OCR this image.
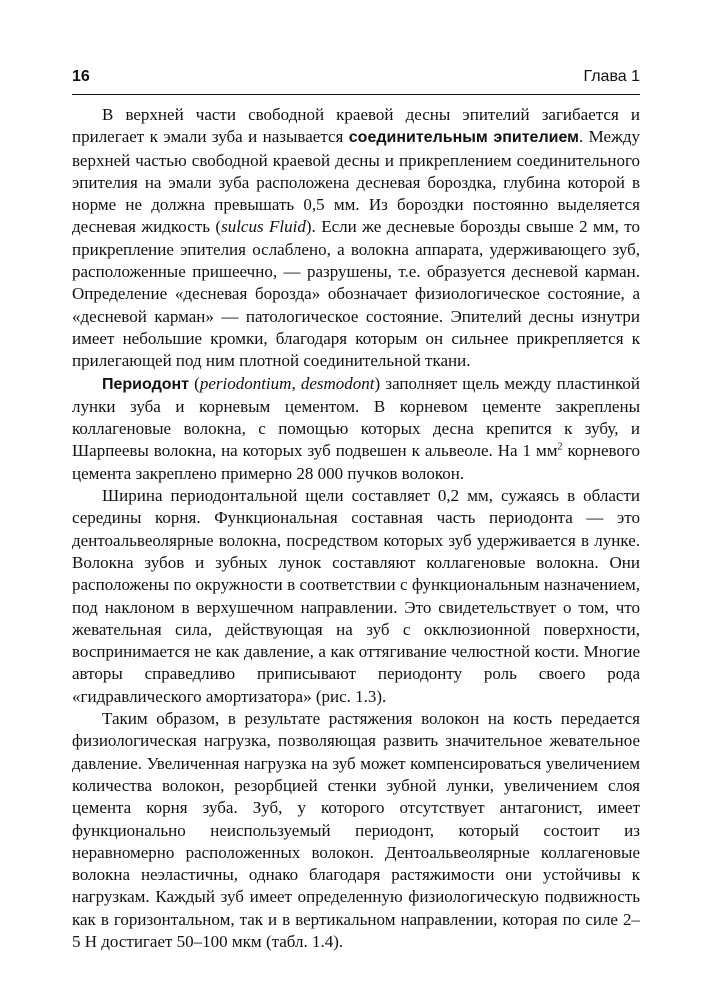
16	Глава 1

В верхней части свободной краевой десны эпителий загибается и прилегает к эмали зуба и называется соединительным эпителием. Между верхней частью свободной краевой десны и прикреплением соединительного эпителия на эмали зуба расположена десневая бороздка, глубина которой в норме не должна превышать 0,5 мм. Из бороздки постоянно выделяется десневая жидкость (sulcus Fluid). Если же десневые борозды свыше 2 мм, то прикрепление эпителия ослаблено, а волокна аппарата, удерживающего зуб, расположенные пришеечно, — разрушены, т.е. образуется десневой карман. Определение «десневая борозда» обозначает физиологическое состояние, а «десневой карман» — патологическое состояние. Эпителий десны изнутри имеет небольшие кромки, благодаря которым он сильнее прикрепляется к прилегающей под ним плотной соединительной ткани.

Периодонт (periodontium, desmodont) заполняет щель между пластинкой лунки зуба и корневым цементом. В корневом цементе закреплены коллагеновые волокна, с помощью которых десна крепится к зубу, и Шарпеевы волокна, на которых зуб подвешен к альвеоле. На 1 $мм^2$ корневого цемента закреплено примерно 28 000 пучков волокон.

Ширина периодонтальной щели составляет 0,2 мм, сужаясь в области середины корня. Функциональная составная часть периодонта — это дентоальвеолярные волокна, посредством которых зуб удерживается в лунке. Волокна зубов и зубных лунок составляют коллагеновые волокна. Они расположены по окружности в соответствии с функциональным назначением, под наклоном в верхушечном направлении. Это свидетельствует о том, что жевательная сила, действующая на зуб с окклюзионной поверхности, воспринимается не как давление, а как оттягивание челюстной кости. Многие авторы справедливо приписывают периодонту роль своего рода «гидравлического амортизатора» (рис. 1.3).

Таким образом, в результате растяжения волокон на кость передается физиологическая нагрузка, позволяющая развить значительное жевательное давление. Увеличенная нагрузка на зуб может компенсироваться увеличением количества волокон, резорбцией стенки зубной лунки, увеличением слоя цемента корня зуба. Зуб, у которого отсутствует антагонист, имеет функционально неиспользуемый периодонт, который состоит из неравномерно расположенных волокон. Дентоальвеолярные коллагеновые волокна неэластичны, однако благодаря растяжимости они устойчивы к нагрузкам. Каждый зуб имеет определенную физиологическую подвижность как в горизонтальном, так и в вертикальном направлении, которая по силе 2–5 Н достигает 50–100 мкм (табл. 1.4).
